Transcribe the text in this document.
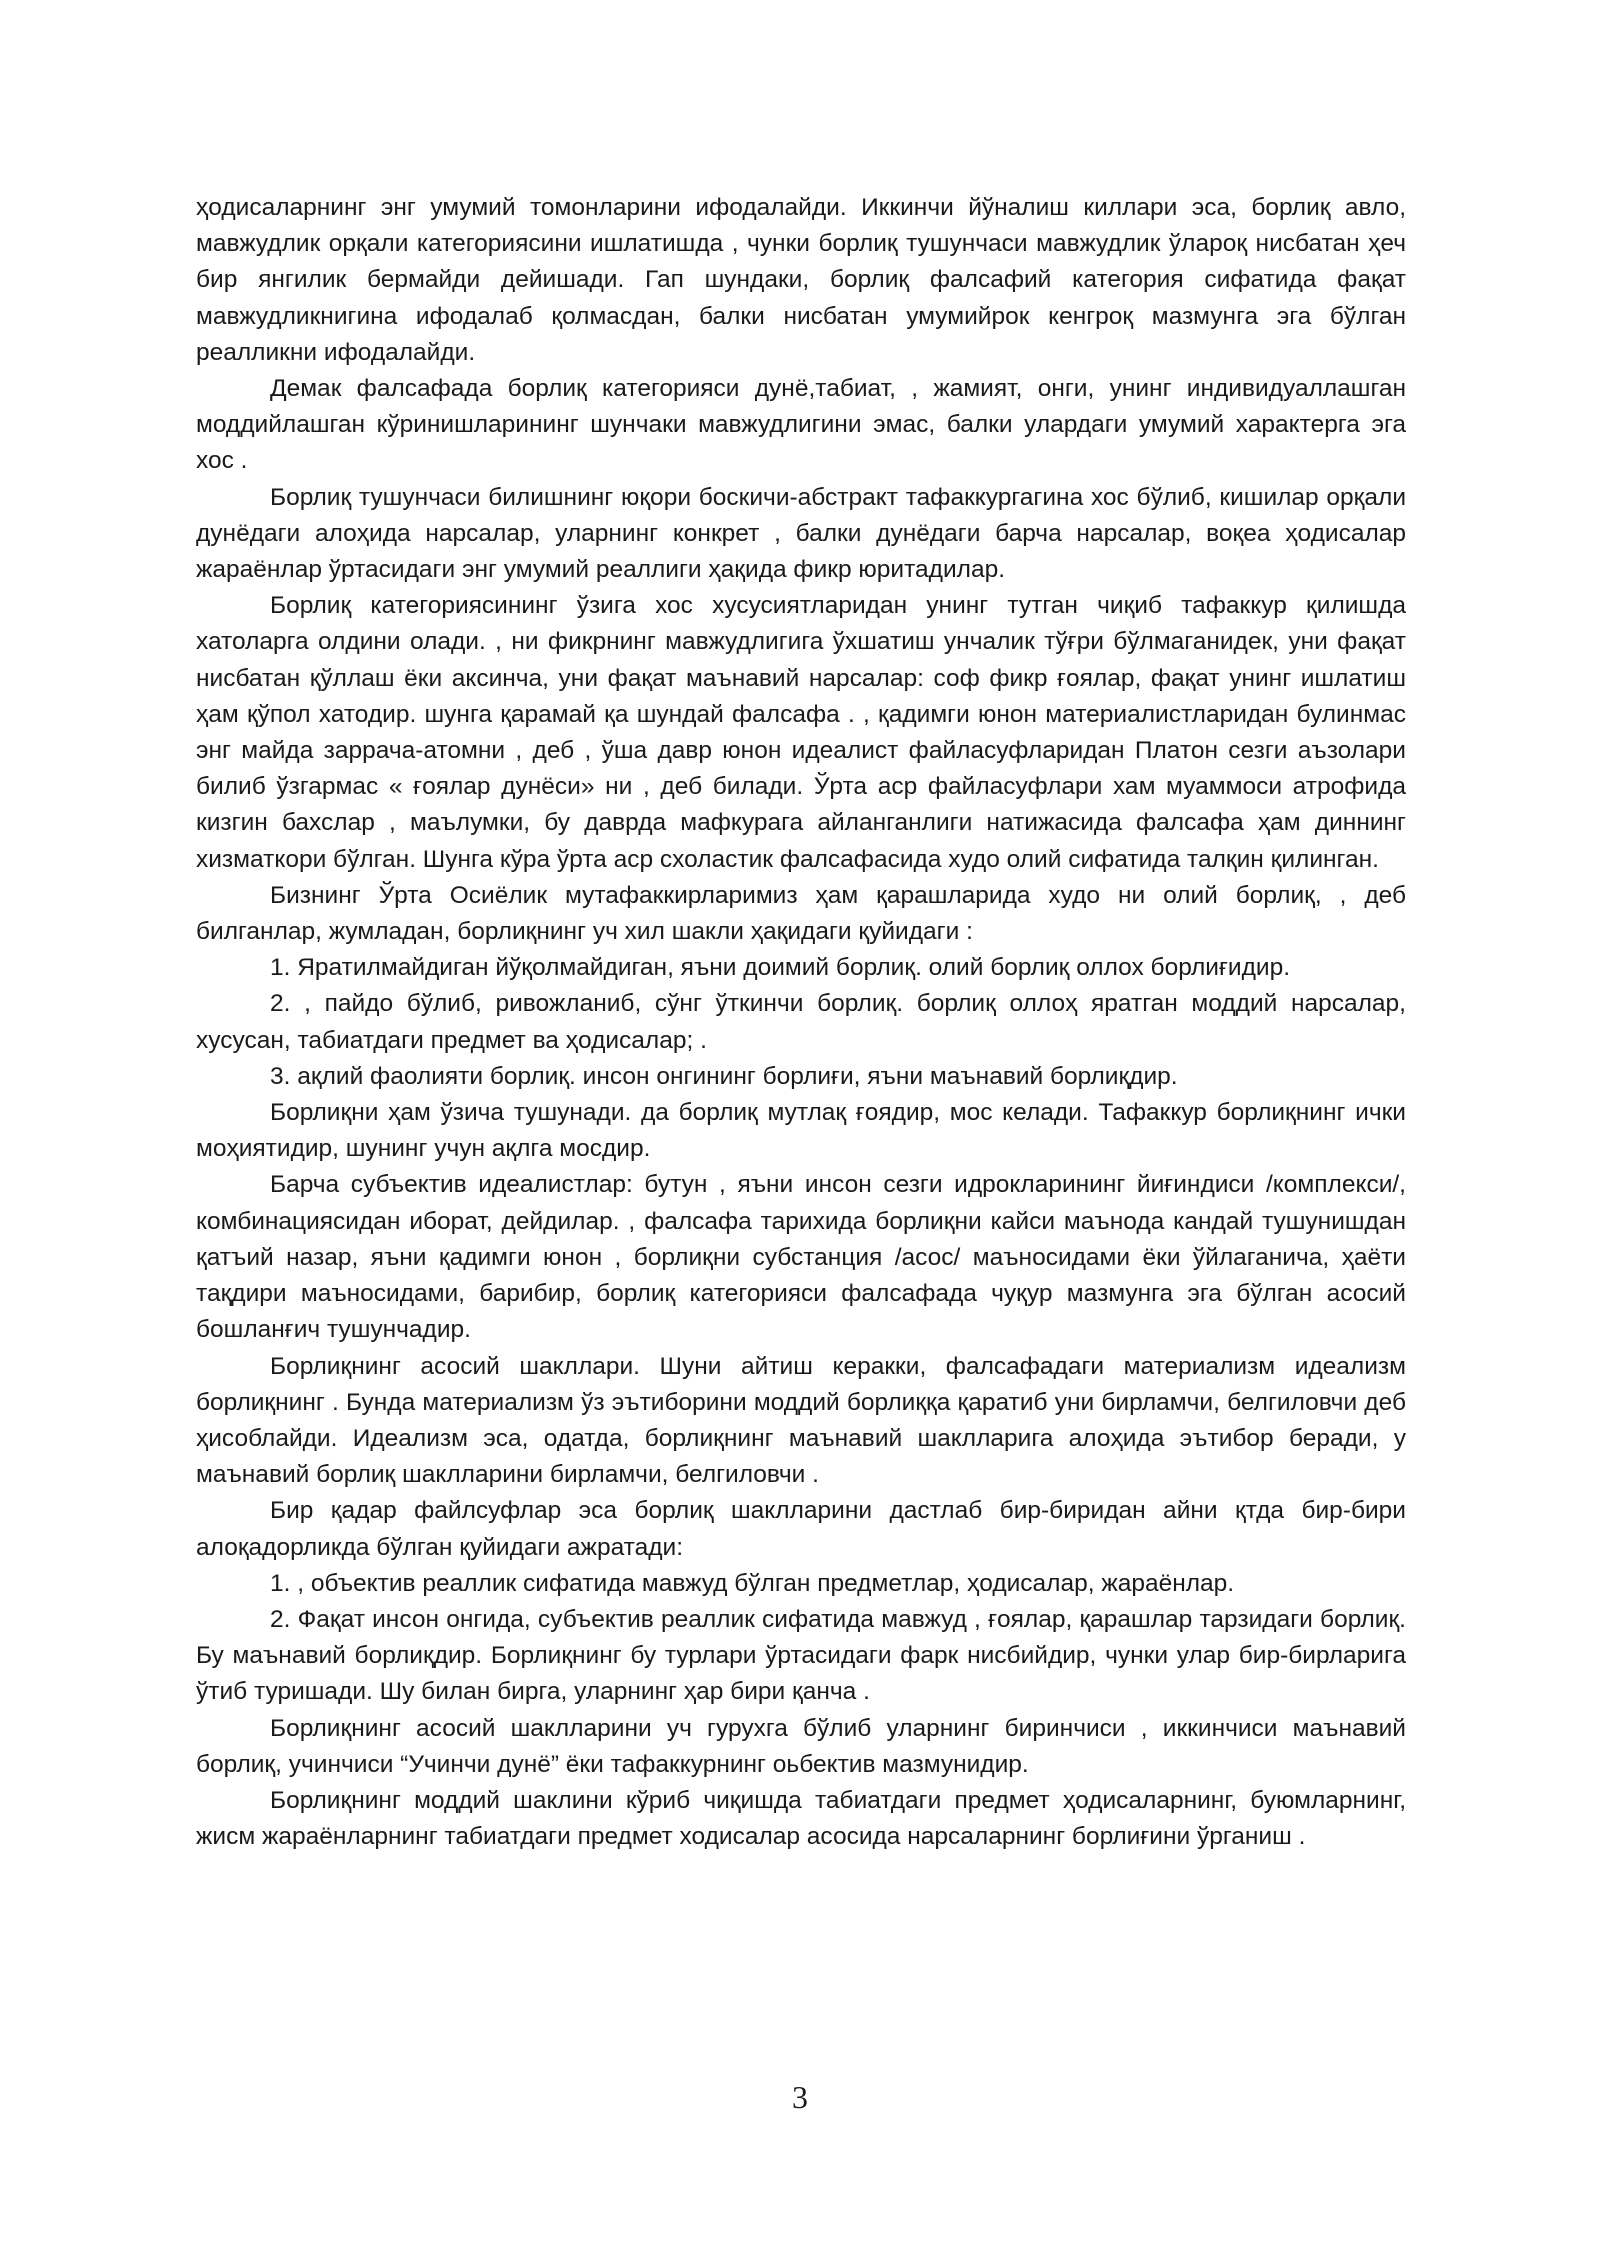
ҳодисаларнинг энг умумий томонларини ифодалайди. Иккинчи йўналиш киллари эса, борлиқ авло, мавжудлик орқали категориясини ишлатишда , чунки борлиқ тушунчаси мавжудлик ўлароқ нисбатан ҳеч бир янгилик бермайди дейишади. Гап шундаки, борлиқ фалсафий категория сифатида фақат мавжудликнигина ифодалаб қолмасдан, балки нисбатан умумийрок кенгроқ мазмунга эга бўлган реалликни ифодалайди.

Демак фалсафада борлиқ категорияси дунё,табиат, , жамият, онги, унинг индивидуаллашган моддийлашган кўринишларининг шунчаки мавжудлигини эмас, балки улардаги умумий характерга эга хос .

Борлиқ тушунчаси билишнинг юқори боскичи-абстракт тафаккургагина хос бўлиб, кишилар орқали дунёдаги алоҳида нарсалар, уларнинг конкрет , балки дунёдаги барча нарсалар, воқеа ҳодисалар жараёнлар ўртасидаги энг умумий реаллиги ҳақида фикр юритадилар.

Борлиқ категориясининг ўзига хос хусусиятларидан унинг тутган чиқиб тафаккур қилишда хатоларга олдини олади. , ни фикрнинг мавжудлигига ўхшатиш унчалик тўғри бўлмаганидек, уни фақат нисбатан қўллаш ёки аксинча, уни фақат маънавий нарсалар: соф фикр ғоялар, фақат унинг ишлатиш ҳам қўпол хатодир. шунга қарамай қа шундай фалсафа . , қадимги юнон материалистларидан булинмас энг майда заррача-атомни , деб , ўша давр юнон идеалист файласуфларидан Платон сезги аъзолари билиб ўзгармас « ғоялар дунёси» ни , деб билади. Ўрта аср файласуфлари хам муаммоси атрофида кизгин бахслар , маълумки, бу даврда мафкурага айланганлиги натижасида фалсафа ҳам диннинг хизматкори бўлган. Шунга кўра ўрта аср схоластик фалсафасида худо олий сифатида талқин қилинган.

Бизнинг Ўрта Осиёлик мутафаккирларимиз ҳам қарашларида худо ни олий борлиқ, , деб билганлар, жумладан, борлиқнинг уч хил шакли ҳақидаги қуйидаги :

1. Яратилмайдиган йўқолмайдиган, яъни доимий борлиқ. олий борлиқ оллох борлиғидир.

2. , пайдо бўлиб, ривожланиб, сўнг ўткинчи борлиқ. борлиқ оллоҳ яратган моддий нарсалар, хусусан, табиатдаги предмет ва ҳодисалар; .

3. ақлий фаолияти борлиқ. инсон онгининг борлиғи, яъни маънавий борлиқдир.

Борлиқни ҳам ўзича тушунади. да борлиқ мутлақ ғоядир, мос келади. Тафаккур борлиқнинг ички моҳиятидир, шунинг учун ақлга мосдир.

Барча субъектив идеалистлар: бутун , яъни инсон сезги идрокларининг йиғиндиси /комплекси/, комбинациясидан иборат, дейдилар. , фалсафа тарихида борлиқни кайси маънода кандай тушунишдан қатъий назар, яъни қадимги юнон , борлиқни субстанция /асос/ маъносидами ёки ўйлаганича, ҳаёти тақдири маъносидами, барибир, борлиқ категорияси фалсафада чуқур мазмунга эга бўлган асосий бошланғич тушунчадир.

Борлиқнинг асосий шакллари. Шуни айтиш керакки, фалсафадаги материализм идеализм борлиқнинг . Бунда материализм ўз эътиборини моддий борлиққа қаратиб уни бирламчи, белгиловчи деб ҳисоблайди. Идеализм эса, одатда, борлиқнинг маънавий шаклларига алоҳида эътибор беради, у маънавий борлиқ шаклларини бирламчи, белгиловчи .

Бир қадар файлсуфлар эса борлиқ шаклларини дастлаб бир-биридан айни қтда бир-бири алоқадорликда бўлган қуйидаги ажратади:

1. , объектив реаллик сифатида мавжуд бўлган предметлар, ҳодисалар, жараёнлар.

2. Фақат инсон онгида, субъектив реаллик сифатида мавжуд , ғоялар, қарашлар тарзидаги борлиқ. Бу маънавий борлиқдир. Борлиқнинг бу турлари ўртасидаги фарк нисбийдир, чунки улар бир-бирларига ўтиб туришади. Шу билан бирга, уларнинг ҳар бири қанча .

Борлиқнинг асосий шаклларини уч гурухга бўлиб уларнинг биринчиси , иккинчиси маънавий борлиқ, учинчиси “Учинчи дунё” ёки тафаккурнинг оьбектив мазмунидир.

Борлиқнинг моддий шаклини кўриб чиқишда табиатдаги предмет ҳодисаларнинг, буюмларнинг, жисм жараёнларнинг табиатдаги предмет ходисалар асосида нарсаларнинг борлиғини ўрганиш .

3
